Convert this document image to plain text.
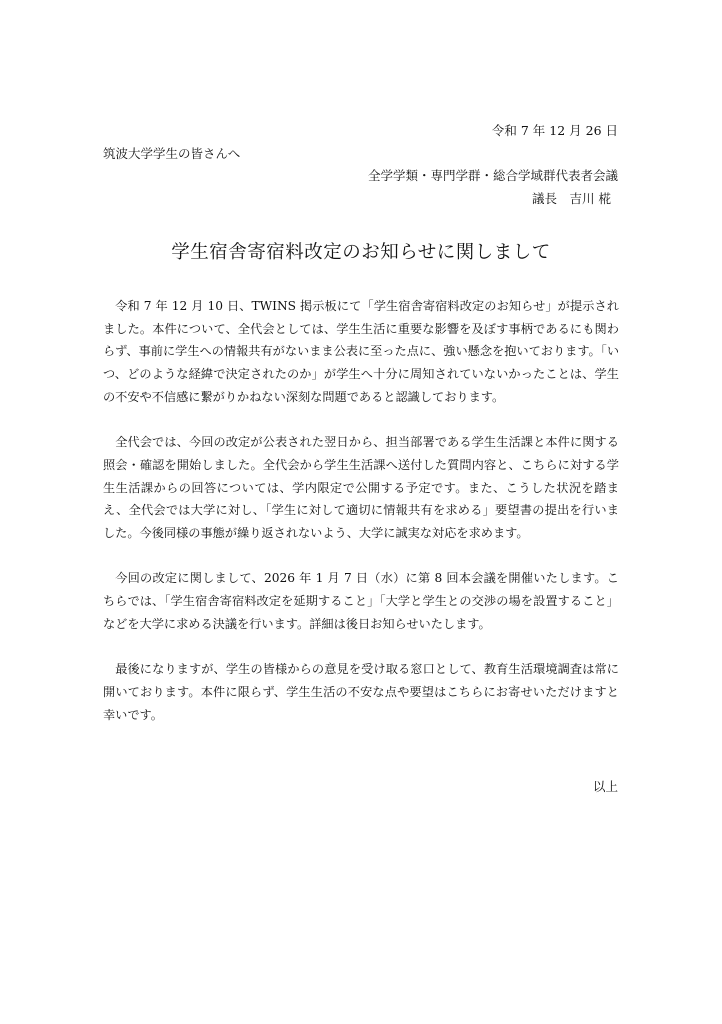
令和 7 年 12 月 26 日
筑波大学学生の皆さんへ
全学学類・専門学群・総合学域群代表者会議
議長　吉川 椛
学生宿舎寄宿料改定のお知らせに関しまして

令和 7 年 12 月 10 日、TWINS 掲示板にて「学生宿舎寄宿料改定のお知らせ」が提示されました。本件について、全代会としては、学生生活に重要な影響を及ぼす事柄であるにも関わらず、事前に学生への情報共有がないまま公表に至った点に、強い懸念を抱いております。「いつ、どのような経緯で決定されたのか」が学生へ十分に周知されていないかったことは、学生の不安や不信感に繋がりかねない深刻な問題であると認識しております。

全代会では、今回の改定が公表された翌日から、担当部署である学生生活課と本件に関する照会・確認を開始しました。全代会から学生生活課へ送付した質問内容と、こちらに対する学生生活課からの回答については、学内限定で公開する予定です。また、こうした状況を踏まえ、全代会では大学に対し、「学生に対して適切に情報共有を求める」要望書の提出を行いました。今後同様の事態が繰り返されないよう、大学に誠実な対応を求めます。

今回の改定に関しまして、2026 年 1 月 7 日（水）に第 8 回本会議を開催いたします。こちらでは、「学生宿舎寄宿料改定を延期すること」「大学と学生との交渉の場を設置すること」などを大学に求める決議を行います。詳細は後日お知らせいたします。

最後になりますが、学生の皆様からの意見を受け取る窓口として、教育生活環境調査は常に開いております。本件に限らず、学生生活の不安な点や要望はこちらにお寄せいただけますと幸いです。

以上
